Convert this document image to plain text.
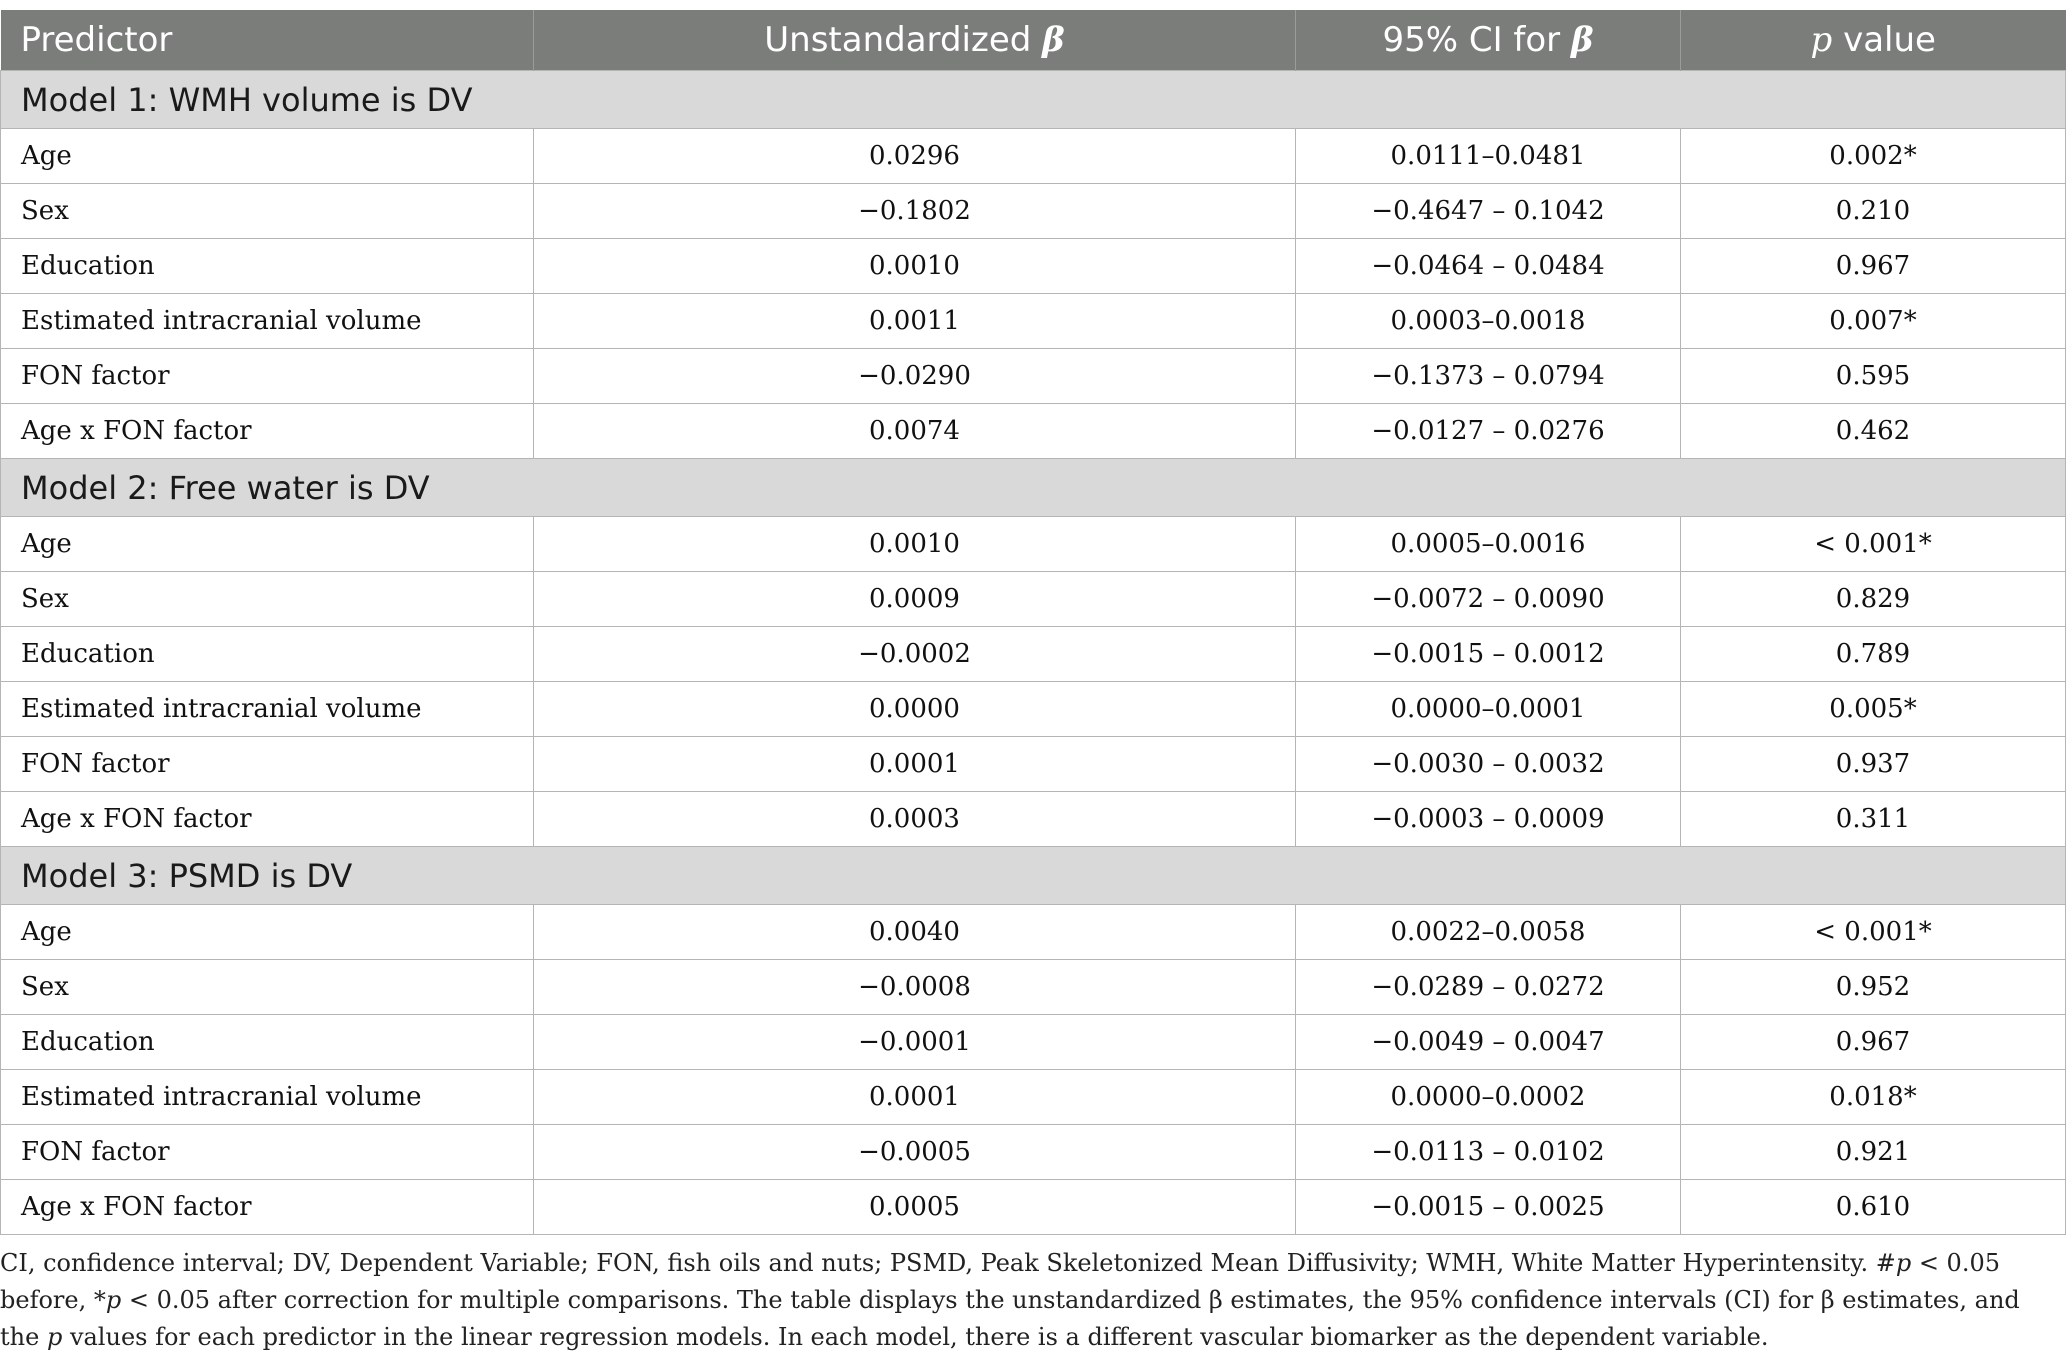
Predictor	Unstandardized β	95% CI for β	p value
Model 1: WMH volume is DV			
Age	0.0296	0.0111–0.0481	0.002*
Sex	−0.1802	−0.4647 – 0.1042	0.210
Education	0.0010	−0.0464 – 0.0484	0.967
Estimated intracranial volume	0.0011	0.0003–0.0018	0.007*
FON factor	−0.0290	−0.1373 – 0.0794	0.595
Age x FON factor	0.0074	−0.0127 – 0.0276	0.462
Model 2: Free water is DV			
Age	0.0010	0.0005–0.0016	< 0.001*
Sex	0.0009	−0.0072 – 0.0090	0.829
Education	−0.0002	−0.0015 – 0.0012	0.789
Estimated intracranial volume	0.0000	0.0000–0.0001	0.005*
FON factor	0.0001	−0.0030 – 0.0032	0.937
Age x FON factor	0.0003	−0.0003 – 0.0009	0.311
Model 3: PSMD is DV			
Age	0.0040	0.0022–0.0058	< 0.001*
Sex	−0.0008	−0.0289 – 0.0272	0.952
Education	−0.0001	−0.0049 – 0.0047	0.967
Estimated intracranial volume	0.0001	0.0000–0.0002	0.018*
FON factor	−0.0005	−0.0113 – 0.0102	0.921
Age x FON factor	0.0005	−0.0015 – 0.0025	0.610
CI, confidence interval; DV, Dependent Variable; FON, fish oils and nuts; PSMD, Peak Skeletonized Mean Diffusivity; WMH, White Matter Hyperintensity. #p < 0.05 before, *p < 0.05 after correction for multiple comparisons. The table displays the unstandardized β estimates, the 95% confidence intervals (CI) for β estimates, and the p values for each predictor in the linear regression models. In each model, there is a different vascular biomarker as the dependent variable.
